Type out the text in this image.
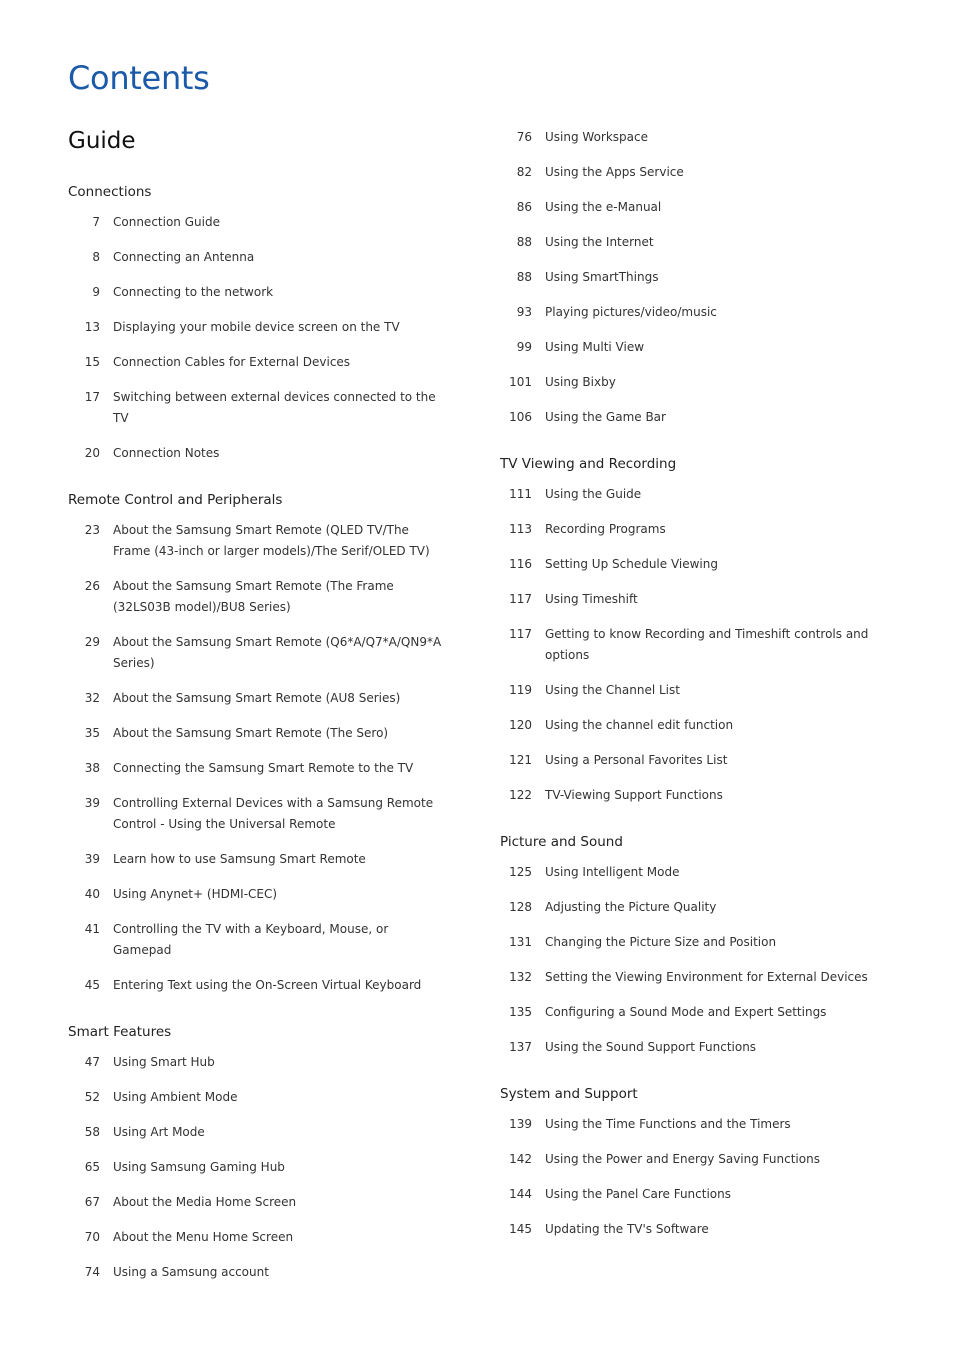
Contents
Guide
Connections
7	Connection Guide
8	Connecting an Antenna
9	Connecting to the network
13	Displaying your mobile device screen on the TV
15	Connection Cables for External Devices
17	Switching between external devices connected to the TV
20	Connection Notes
Remote Control and Peripherals
23	About the Samsung Smart Remote (QLED TV/The Frame (43-inch or larger models)/The Serif/OLED TV)
26	About the Samsung Smart Remote (The Frame (32LS03B model)/BU8 Series)
29	About the Samsung Smart Remote (Q6*A/Q7*A/QN9*A Series)
32	About the Samsung Smart Remote (AU8 Series)
35	About the Samsung Smart Remote (The Sero)
38	Connecting the Samsung Smart Remote to the TV
39	Controlling External Devices with a Samsung Remote Control - Using the Universal Remote
39	Learn how to use Samsung Smart Remote
40	Using Anynet+ (HDMI-CEC)
41	Controlling the TV with a Keyboard, Mouse, or Gamepad
45	Entering Text using the On-Screen Virtual Keyboard
Smart Features
47	Using Smart Hub
52	Using Ambient Mode
58	Using Art Mode
65	Using Samsung Gaming Hub
67	About the Media Home Screen
70	About the Menu Home Screen
74	Using a Samsung account
76	Using Workspace
82	Using the Apps Service
86	Using the e-Manual
88	Using the Internet
88	Using SmartThings
93	Playing pictures/video/music
99	Using Multi View
101	Using Bixby
106	Using the Game Bar
TV Viewing and Recording
111	Using the Guide
113	Recording Programs
116	Setting Up Schedule Viewing
117	Using Timeshift
117	Getting to know Recording and Timeshift controls and options
119	Using the Channel List
120	Using the channel edit function
121	Using a Personal Favorites List
122	TV-Viewing Support Functions
Picture and Sound
125	Using Intelligent Mode
128	Adjusting the Picture Quality
131	Changing the Picture Size and Position
132	Setting the Viewing Environment for External Devices
135	Configuring a Sound Mode and Expert Settings
137	Using the Sound Support Functions
System and Support
139	Using the Time Functions and the Timers
142	Using the Power and Energy Saving Functions
144	Using the Panel Care Functions
145	Updating the TV's Software
